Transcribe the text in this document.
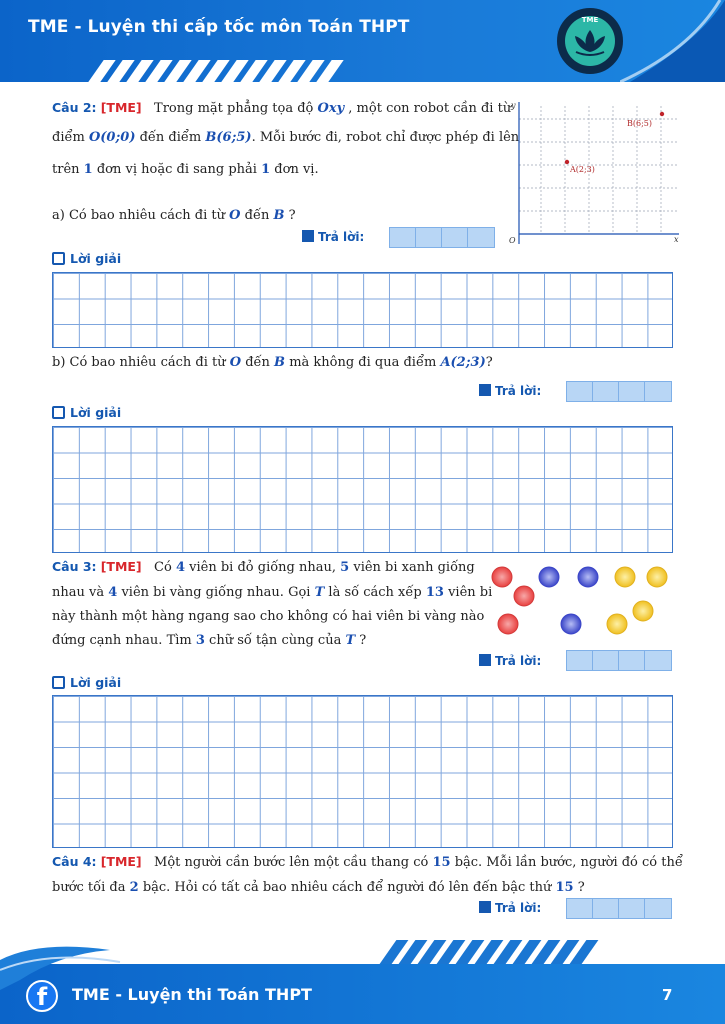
TME - Luyện thi cấp tốc môn Toán THPT	TME
Câu 2: [TME] Trong mặt phẳng tọa độ Oxy , một con robot cần đi từ
điểm O(0;0) đến điểm B(6;5). Mỗi bước đi, robot chỉ được phép đi lên
trên 1 đơn vị hoặc đi sang phải 1 đơn vị.
y
x
O
A(2;3)
B(6;5)
a) Có bao nhiêu cách đi từ O đến B ?
Trả lời:
Lời giải
b) Có bao nhiêu cách đi từ O đến B mà không đi qua điểm A(2;3)?
Trả lời:
Lời giải
Câu 3: [TME] Có 4 viên bi đỏ giống nhau, 5 viên bi xanh giống
nhau và 4 viên bi vàng giống nhau. Gọi T là số cách xếp 13 viên bi
này thành một hàng ngang sao cho không có hai viên bi vàng nào
đứng cạnh nhau. Tìm 3 chữ số tận cùng của T ?
Trả lời:
Lời giải
Câu 4: [TME] Một người cần bước lên một cầu thang có 15 bậc. Mỗi lần bước, người đó có thể
bước tối đa 2 bậc. Hỏi có tất cả bao nhiêu cách để người đó lên đến bậc thứ 15 ?
Trả lời:
f	TME - Luyện thi Toán THPT	7
